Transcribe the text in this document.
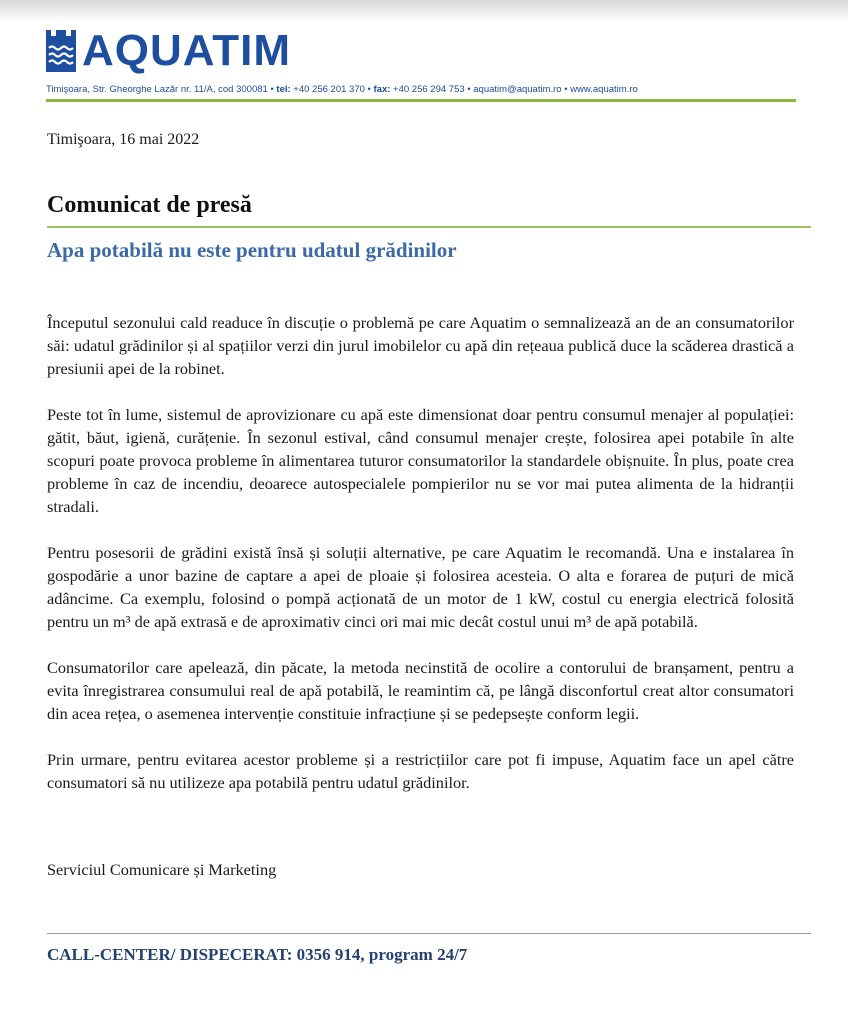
AQUATIM
Timişoara, Str. Gheorghe Lazăr nr. 11/A, cod 300081 • tel: +40 256 201 370 • fax: +40 256 294 753 • aquatim@aquatim.ro • www.aquatim.ro
Timişoara, 16 mai 2022
Comunicat de presă
Apa potabilă nu este pentru udatul grădinilor

Începutul sezonului cald readuce în discuție o problemă pe care Aquatim o semnalizează an de an consumatorilor săi: udatul grădinilor și al spațiilor verzi din jurul imobilelor cu apă din rețeaua publică duce la scăderea drastică a presiunii apei de la robinet.

Peste tot în lume, sistemul de aprovizionare cu apă este dimensionat doar pentru consumul menajer al populației: gătit, băut, igienă, curățenie. În sezonul estival, când consumul menajer crește, folosirea apei potabile în alte scopuri poate provoca probleme în alimentarea tuturor consumatorilor la standardele obișnuite. În plus, poate crea probleme în caz de incendiu, deoarece autospecialele pompierilor nu se vor mai putea alimenta de la hidranții stradali.

Pentru posesorii de grădini există însă și soluții alternative, pe care Aquatim le recomandă. Una e instalarea în gospodărie a unor bazine de captare a apei de ploaie și folosirea acesteia. O alta e forarea de puțuri de mică adâncime. Ca exemplu, folosind o pompă acționată de un motor de 1 kW, costul cu energia electrică folosită pentru un m³ de apă extrasă e de aproximativ cinci ori mai mic decât costul unui m³ de apă potabilă.

Consumatorilor care apelează, din păcate, la metoda necinstită de ocolire a contorului de branșament, pentru a evita înregistrarea consumului real de apă potabilă, le reamintim că, pe lângă disconfortul creat altor consumatori din acea rețea, o asemenea intervenție constituie infracțiune și se pedepsește conform legii.

Prin urmare, pentru evitarea acestor probleme și a restricțiilor care pot fi impuse, Aquatim face un apel către consumatori să nu utilizeze apa potabilă pentru udatul grădinilor.

Serviciul Comunicare și Marketing
CALL-CENTER/ DISPECERAT: 0356 914, program 24/7
